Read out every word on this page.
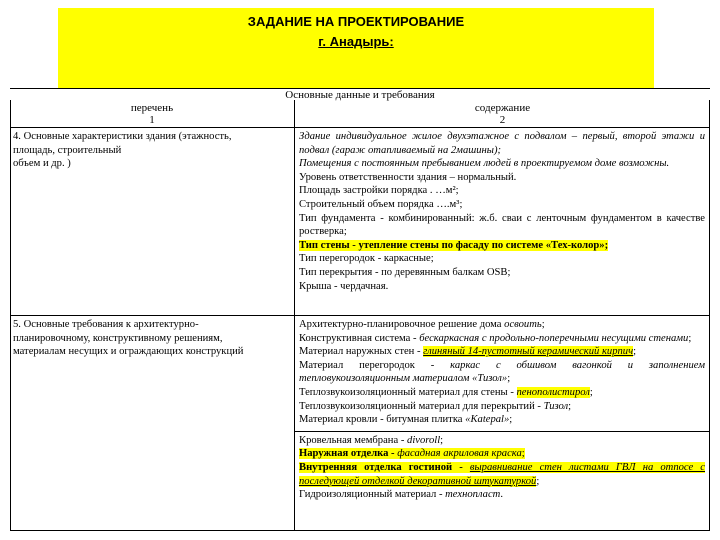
ЗАДАНИЕ НА ПРОЕКТИРОВАНИЕ
г. Анадырь:
Основные данные и требования
перечень	содержание
1	2

4. Основные характеристики здания (этажность,

площадь, строительный

объем и др. )

Здание индивидуальное жилое двухэтажное с подвалом – первый, второй этажи и подвал (гараж отапливаемый на 2машины);

Помещения с постоянным пребыванием людей в проектируемом доме возможны.

Уровень ответственности здания – нормальный.

Площадь застройки порядка . …м²;

Строительный объем порядка ….м³;

Тип фундамента - комбинированный: ж.б. сваи с ленточным фундаментом в качестве ростверка;

Тип стены - утепление стены по фасаду по системе «Тех-колор»;

Тип перегородок - каркасные;

Тип перекрытия - по деревянным балкам OSB;

Крыша - чердачная.

5. Основные требования к архитектурно-

планировочному, конструктивному решениям,

материалам несущих и ограждающих конструкций

Архитектурно-планировочное решение дома освоить;

Конструктивная система - бескаркасная с продольно-поперечными несущими стенами;

Материал наружных стен - глиняный 14-пустотный керамический кирпич;

Материал перегородок - каркас с обшивом вагонкой и заполнением тепловукоизоляционным материалом «Тизол»;

Теплозвукоизоляционный материал для стены - пенополистирол;

Теплозвукоизоляционный материал для перекрытий - Тизол;

Материал кровли - битумная плитка «Katepal»;

Кровельная мембрана - divoroll;

Наружная отделка - фасадная акриловая краска;

Внутренняя отделка гостиной - выравнивание стен листами ГВЛ на отпосе с последующей отделкой декоративной штукатуркой;

Гидроизоляционный материал - технопласт.
